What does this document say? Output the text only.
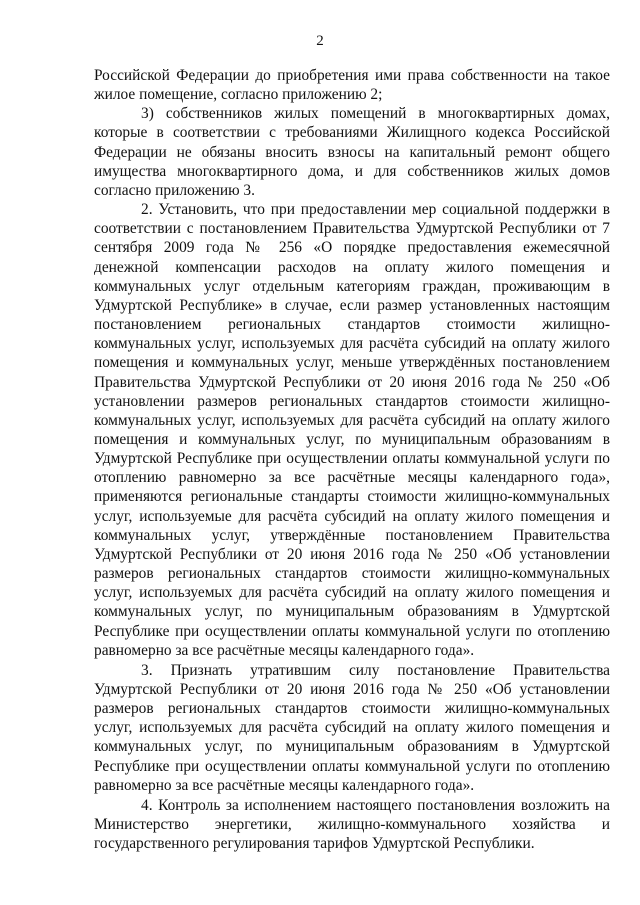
2

Российской Федерации до приобретения ими права собственности на такое жилое помещение, согласно приложению 2;

3) собственников жилых помещений в многоквартирных домах, которые в соответствии с требованиями Жилищного кодекса Российской Федерации не обязаны вносить взносы на капитальный ремонт общего имущества многоквартирного дома, и для собственников жилых домов согласно приложению 3.

2. Установить, что при предоставлении мер социальной поддержки в соответствии с постановлением Правительства Удмуртской Республики от 7 сентября 2009 года № 256 «О порядке предоставления ежемесячной денежной компенсации расходов на оплату жилого помещения и коммунальных услуг отдельным категориям граждан, проживающим в Удмуртской Республике» в случае, если размер установленных настоящим постановлением региональных стандартов стоимости жилищно-коммунальных услуг, используемых для расчёта субсидий на оплату жилого помещения и коммунальных услуг, меньше утверждённых постановлением Правительства Удмуртской Республики от 20 июня 2016 года № 250 «Об установлении размеров региональных стандартов стоимости жилищно-коммунальных услуг, используемых для расчёта субсидий на оплату жилого помещения и коммунальных услуг, по муниципальным образованиям в Удмуртской Республике при осуществлении оплаты коммунальной услуги по отоплению равномерно за все расчётные месяцы календарного года», применяются региональные стандарты стоимости жилищно-коммунальных услуг, используемые для расчёта субсидий на оплату жилого помещения и коммунальных услуг, утверждённые постановлением Правительства Удмуртской Республики от 20 июня 2016 года № 250 «Об установлении размеров региональных стандартов стоимости жилищно-коммунальных услуг, используемых для расчёта субсидий на оплату жилого помещения и коммунальных услуг, по муниципальным образованиям в Удмуртской Республике при осуществлении оплаты коммунальной услуги по отоплению равномерно за все расчётные месяцы календарного года».

3. Признать утратившим силу постановление Правительства Удмуртской Республики от 20 июня 2016 года № 250 «Об установлении размеров региональных стандартов стоимости жилищно-коммунальных услуг, используемых для расчёта субсидий на оплату жилого помещения и коммунальных услуг, по муниципальным образованиям в Удмуртской Республике при осуществлении оплаты коммунальной услуги по отоплению равномерно за все расчётные месяцы календарного года».

4. Контроль за исполнением настоящего постановления возложить на Министерство энергетики, жилищно-коммунального хозяйства и государственного регулирования тарифов Удмуртской Республики.
